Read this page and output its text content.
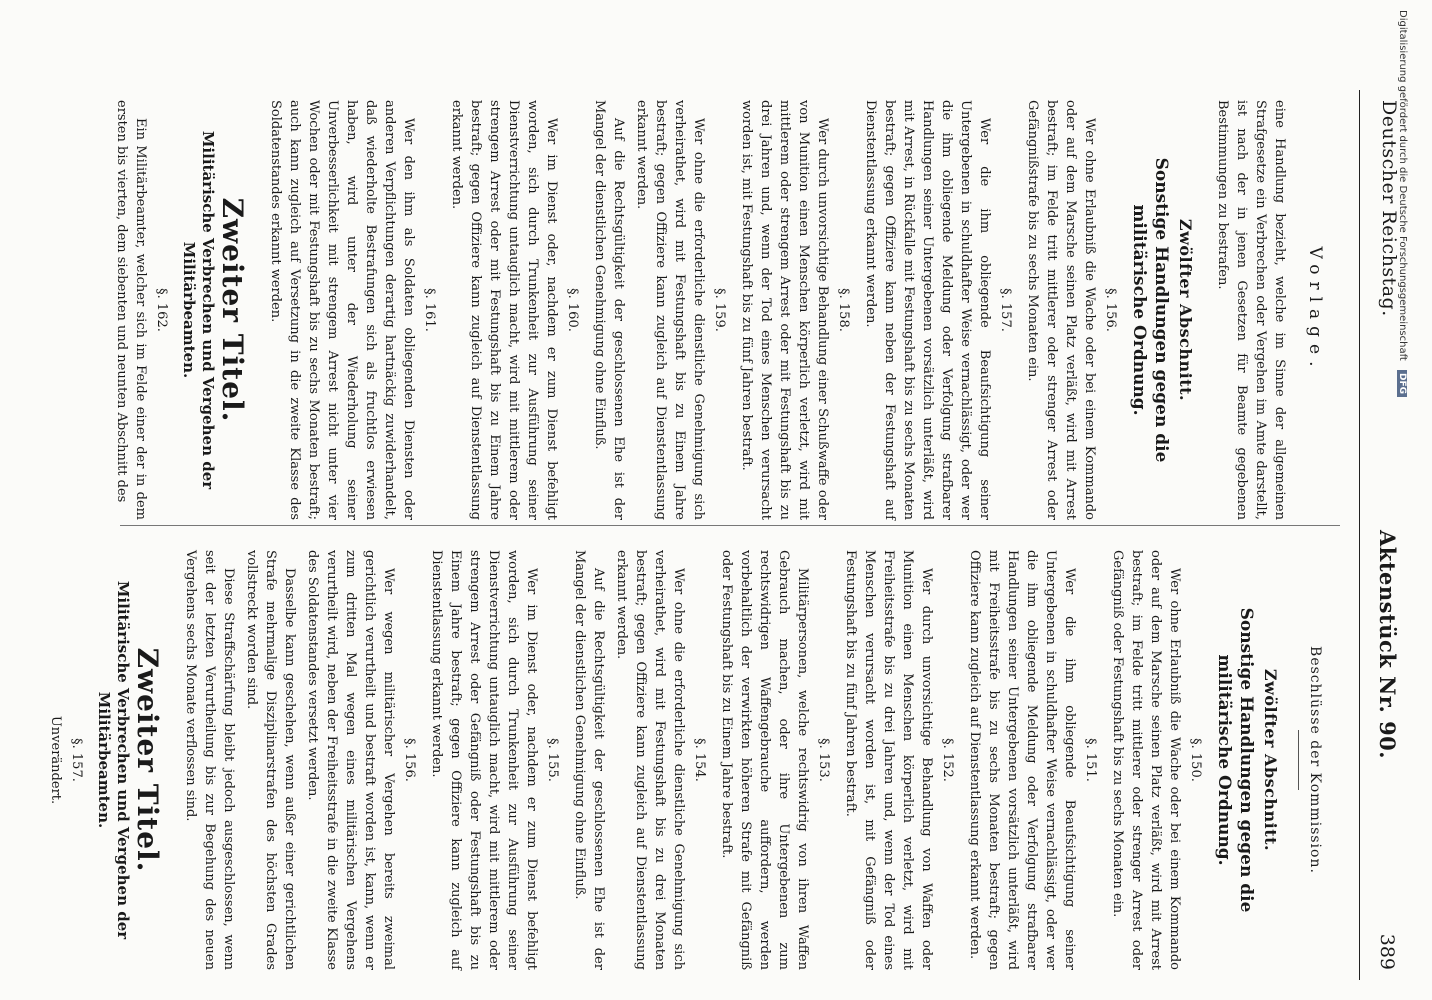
Deutscher Reichstag.
Aktenstück Nr. 90.
389
Vorlage.

eine Handlung bezieht, welche im Sinne der allgemeinen Strafgesetze ein Verbrechen oder Vergehen im Amte darstellt, ist nach der in jenen Gesetzen für Beamte gegebenen Bestimmungen zu bestrafen.

Zwölfter Abschnitt.
Sonstige Handlungen gegen die militärische Ordnung.
§. 156.

Wer ohne Erlaubniß die Wache oder bei einem Kommando oder auf dem Marsche seinen Platz verläßt, wird mit Arrest bestraft; im Felde tritt mittlerer oder strenger Arrest oder Gefängnißstrafe bis zu sechs Monaten ein.

§. 157.

Wer die ihm obliegende Beaufsichtigung seiner Untergebenen in schuldhafter Weise vernachlässigt, oder wer die ihm obliegende Meldung oder Verfolgung strafbarer Handlungen seiner Untergebenen vorsätzlich unterläßt, wird mit Arrest, in Rückfalle mit Festungshaft bis zu sechs Monaten bestraft; gegen Offiziere kann neben der Festungshaft auf Dienstentlassung erkannt werden.

§. 158.

Wer durch unvorsichtige Behandlung einer Schußwaffe oder von Munition einen Menschen körperlich verletzt, wird mit mittlerem oder strengem Arrest oder mit Festungshaft bis zu drei Jahren und, wenn der Tod eines Menschen verursacht worden ist, mit Festungshaft bis zu fünf Jahren bestraft.

§. 159.

Wer ohne die erforderliche dienstliche Genehmigung sich verheirathet, wird mit Festungshaft bis zu Einem Jahre bestraft; gegen Offiziere kann zugleich auf Dienstentlassung erkannt werden.

Auf die Rechtsgültigkeit der geschlossenen Ehe ist der Mangel der dienstlichen Genehmigung ohne Einfluß.

§. 160.

Wer im Dienst oder, nachdem er zum Dienst befehligt worden, sich durch Trunkenheit zur Ausführung seiner Dienstverrichtung untauglich macht, wird mit mittlerem oder strengem Arrest oder mit Festungshaft bis zu Einem Jahre bestraft; gegen Offiziere kann zugleich auf Dienstentlassung erkannt werden.

§. 161.

Wer den ihm als Soldaten obliegenden Diensten oder anderen Verpflichtungen derartig hartnäckig zuwiderhandelt, daß wiederholte Bestrafungen sich als fruchtlos erwiesen haben, wird unter der Wiederholung seiner Unverbesserlichkeit mit strengem Arrest nicht unter vier Wochen oder mit Festungshaft bis zu sechs Monaten bestraft; auch kann zugleich auf Versetzung in die zweite Klasse des Soldatenstandes erkannt werden.

Zweiter Titel.
Militärische Verbrechen und Vergehen der Militärbeamten.
§. 162.

Ein Militärbeamter, welcher sich im Felde einer der in dem ersten bis vierten, dem siebenten und neunten Abschnitt des

Beschlüsse der Kommission.
Zwölfter Abschnitt.
Sonstige Handlungen gegen die militärische Ordnung.
§. 150.

Wer ohne Erlaubniß die Wache oder bei einem Kommando oder auf dem Marsche seinen Platz verläßt, wird mit Arrest bestraft; im Felde tritt mittlerer oder strenger Arrest oder Gefängniß oder Festungshaft bis zu sechs Monaten ein.

§. 151.

Wer die ihm obliegende Beaufsichtigung seiner Untergebenen in schuldhafter Weise vernachlässigt, oder wer die ihm obliegende Meldung oder Verfolgung strafbarer Handlungen seiner Untergebenen vorsätzlich unterläßt, wird mit Freiheitsstrafe bis zu sechs Monaten bestraft; gegen Offiziere kann zugleich auf Dienstentlassung erkannt werden.

§. 152.

Wer durch unvorsichtige Behandlung von Waffen oder Munition einen Menschen körperlich verletzt, wird mit Freiheitsstrafe bis zu drei Jahren und, wenn der Tod eines Menschen verursacht worden ist, mit Gefängniß oder Festungshaft bis zu fünf Jahren bestraft.

§. 153.

Militärpersonen, welche rechtswidrig von ihren Waffen Gebrauch machen, oder ihre Untergebenen zum rechtswidrigen Waffengebrauche auffordern, werden vorbehaltlich der verwirkten höheren Strafe mit Gefängniß oder Festungshaft bis zu Einem Jahre bestraft.

§. 154.

Wer ohne die erforderliche dienstliche Genehmigung sich verheirathet, wird mit Festungshaft bis zu drei Monaten bestraft; gegen Offiziere kann zugleich auf Dienstentlassung erkannt werden.

Auf die Rechtsgültigkeit der geschlossenen Ehe ist der Mangel der dienstlichen Genehmigung ohne Einfluß.

§. 155.

Wer im Dienst oder, nachdem er zum Dienst befehligt worden, sich durch Trunkenheit zur Ausführung seiner Dienstverrichtung untauglich macht, wird mit mittlerem oder strengem Arrest oder Gefängniß oder Festungshaft bis zu Einem Jahre bestraft; gegen Offiziere kann zugleich auf Dienstentlassung erkannt werden.

§. 156.

Wer wegen militärischer Vergehen bereits zweimal gerichtlich verurtheilt und bestraft worden ist, kann, wenn er zum dritten Mal wegen eines militärischen Vergehens verurtheilt wird, neben der Freiheitsstrafe in die zweite Klasse des Soldatenstandes versetzt werden.

Dasselbe kann geschehen, wenn außer einer gerichtlichen Strafe mehrmalige Disziplinarstrafen des höchsten Grades vollstreckt worden sind.

Diese Straffschärfung bleibt jedoch ausgeschlossen, wenn seit der letzten Verurtheilung bis zur Begehung des neuen Vergehens sechs Monate verflossen sind.

Zweiter Titel.
Militärische Verbrechen und Vergehen der Militärbeamten.
§. 157.

Unverändert.

Digitalisierung gefördert durch die Deutsche Forschungsgemeinschaft DFG
